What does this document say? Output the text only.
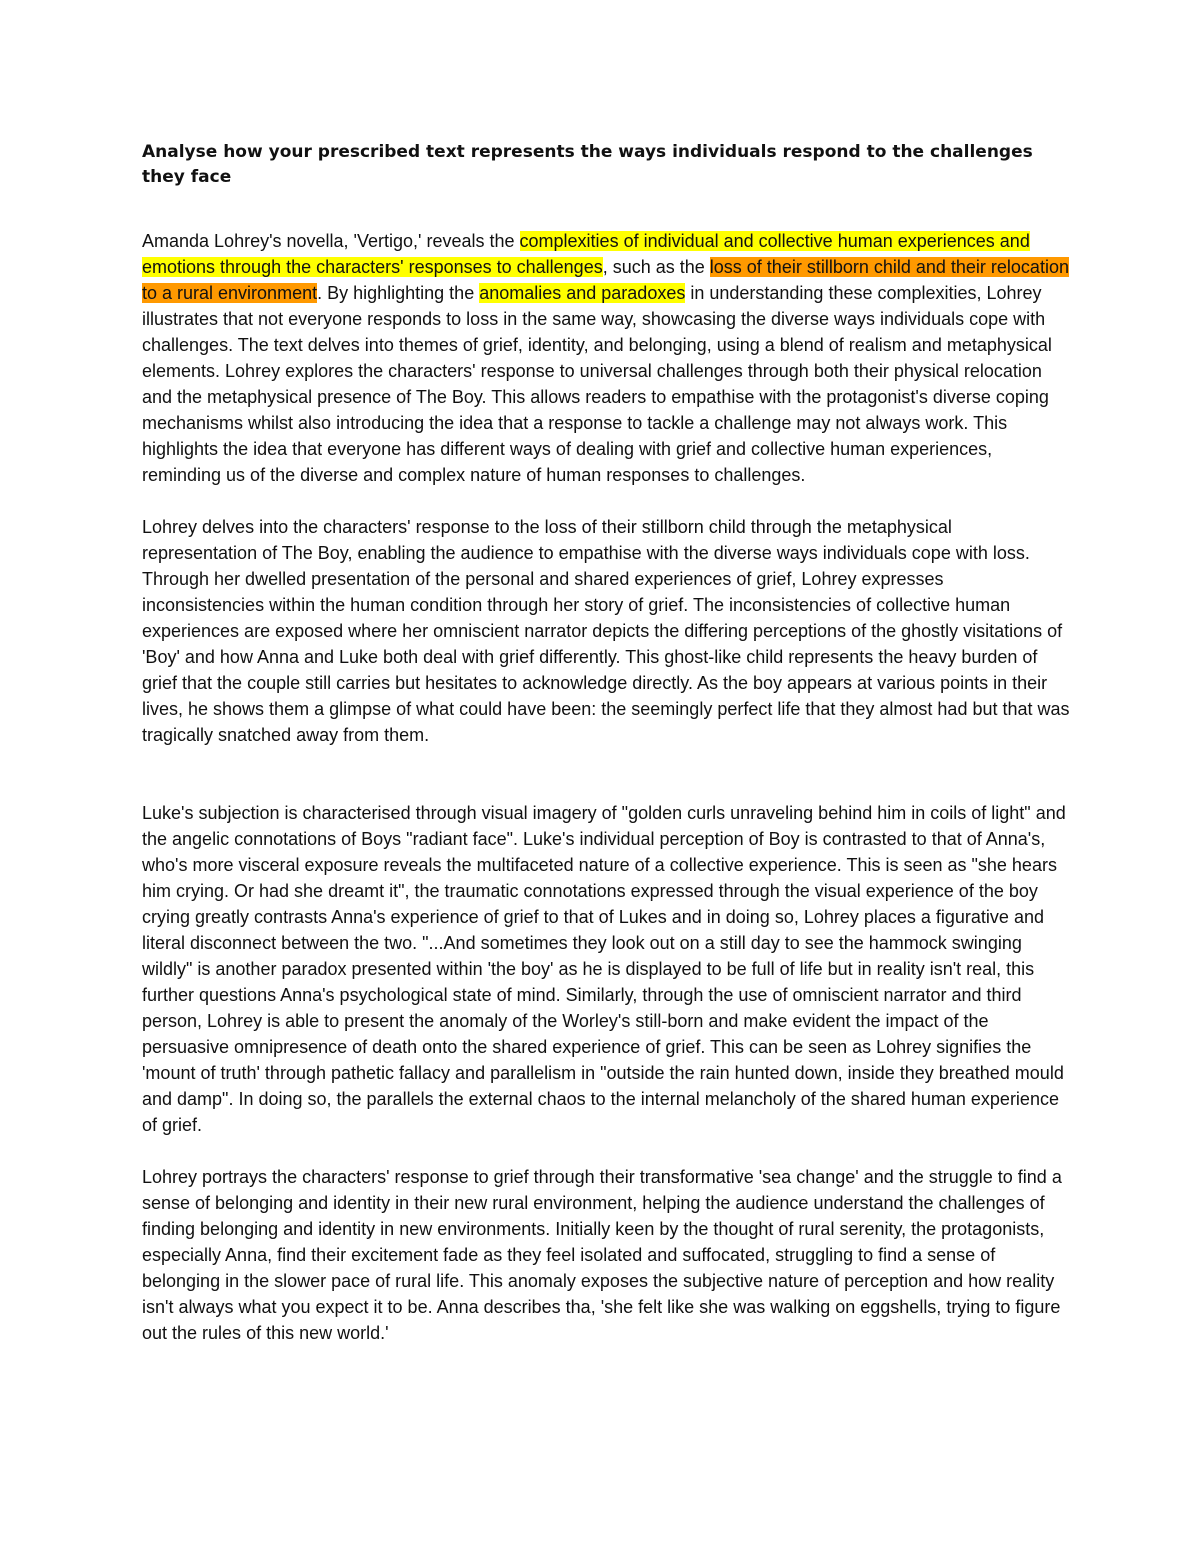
Analyse how your prescribed text represents the ways individuals respond to the challenges they face

Amanda Lohrey's novella, 'Vertigo,' reveals the complexities of individual and collective human experiences and emotions through the characters' responses to challenges, such as the loss of their stillborn child and their relocation to a rural environment. By highlighting the anomalies and paradoxes in understanding these complexities, Lohrey illustrates that not everyone responds to loss in the same way, showcasing the diverse ways individuals cope with challenges. The text delves into themes of grief, identity, and belonging, using a blend of realism and metaphysical elements. Lohrey explores the characters' response to universal challenges through both their physical relocation and the metaphysical presence of The Boy. This allows readers to empathise with the protagonist's diverse coping mechanisms whilst also introducing the idea that a response to tackle a challenge may not always work. This highlights the idea that everyone has different ways of dealing with grief and collective human experiences, reminding us of the diverse and complex nature of human responses to challenges.

Lohrey delves into the characters' response to the loss of their stillborn child through the metaphysical representation of The Boy, enabling the audience to empathise with the diverse ways individuals cope with loss. Through her dwelled presentation of the personal and shared experiences of grief, Lohrey expresses inconsistencies within the human condition through her story of grief. The inconsistencies of collective human experiences are exposed where her omniscient narrator depicts the differing perceptions of the ghostly visitations of 'Boy' and how Anna and Luke both deal with grief differently. This ghost-like child represents the heavy burden of grief that the couple still carries but hesitates to acknowledge directly. As the boy appears at various points in their lives, he shows them a glimpse of what could have been: the seemingly perfect life that they almost had but that was tragically snatched away from them.

Luke's subjection is characterised through visual imagery of "golden curls unraveling behind him in coils of light" and the angelic connotations of Boys "radiant face". Luke's individual perception of Boy is contrasted to that of Anna's, who's more visceral exposure reveals the multifaceted nature of a collective experience. This is seen as "she hears him crying. Or had she dreamt it", the traumatic connotations expressed through the visual experience of the boy crying greatly contrasts Anna's experience of grief to that of Lukes and in doing so, Lohrey places a figurative and literal disconnect between the two. "...And sometimes they look out on a still day to see the hammock swinging wildly" is another paradox presented within 'the boy' as he is displayed to be full of life but in reality isn't real, this further questions Anna's psychological state of mind. Similarly, through the use of omniscient narrator and third person, Lohrey is able to present the anomaly of the Worley's still-born and make evident the impact of the persuasive omnipresence of death onto the shared experience of grief. This can be seen as Lohrey signifies the 'mount of truth' through pathetic fallacy and parallelism in "outside the rain hunted down, inside they breathed mould and damp". In doing so, the parallels the external chaos to the internal melancholy of the shared human experience of grief.

Lohrey portrays the characters' response to grief through their transformative 'sea change' and the struggle to find a sense of belonging and identity in their new rural environment, helping the audience understand the challenges of finding belonging and identity in new environments. Initially keen by the thought of rural serenity, the protagonists, especially Anna, find their excitement fade as they feel isolated and suffocated, struggling to find a sense of belonging in the slower pace of rural life. This anomaly exposes the subjective nature of perception and how reality isn't always what you expect it to be. Anna describes tha, 'she felt like she was walking on eggshells, trying to figure out the rules of this new world.'
